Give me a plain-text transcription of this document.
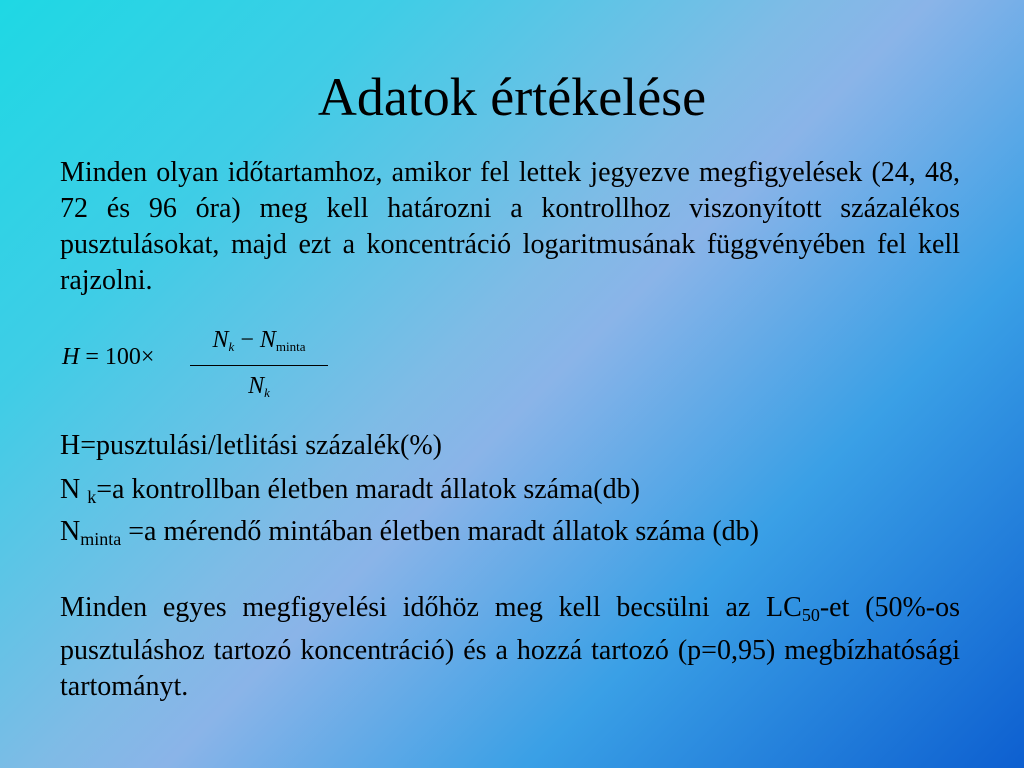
Adatok értékelése

Minden olyan időtartamhoz, amikor fel lettek jegyezve megfigyelések (24, 48, 72 és 96 óra) meg kell határozni a kontrollhoz viszonyított százalékos pusztulásokat, majd ezt a koncentráció logaritmusának függvényében fel kell rajzolni.

H = 100×
$N_k - N_{minta}$
$N_k$

H=pusztulási/letlitási százalék(%)

N $_k$=a kontrollban életben maradt állatok száma(db)

$N_{minta} =a$ mérendő mintában életben maradt állatok száma (db)

Minden egyes megfigyelési időhöz meg kell becsülni az $LC_{50}-et$ (50%-os pusztuláshoz tartozó koncentráció) és a hozzá tartozó (p=0,95) megbízhatósági tartományt.
